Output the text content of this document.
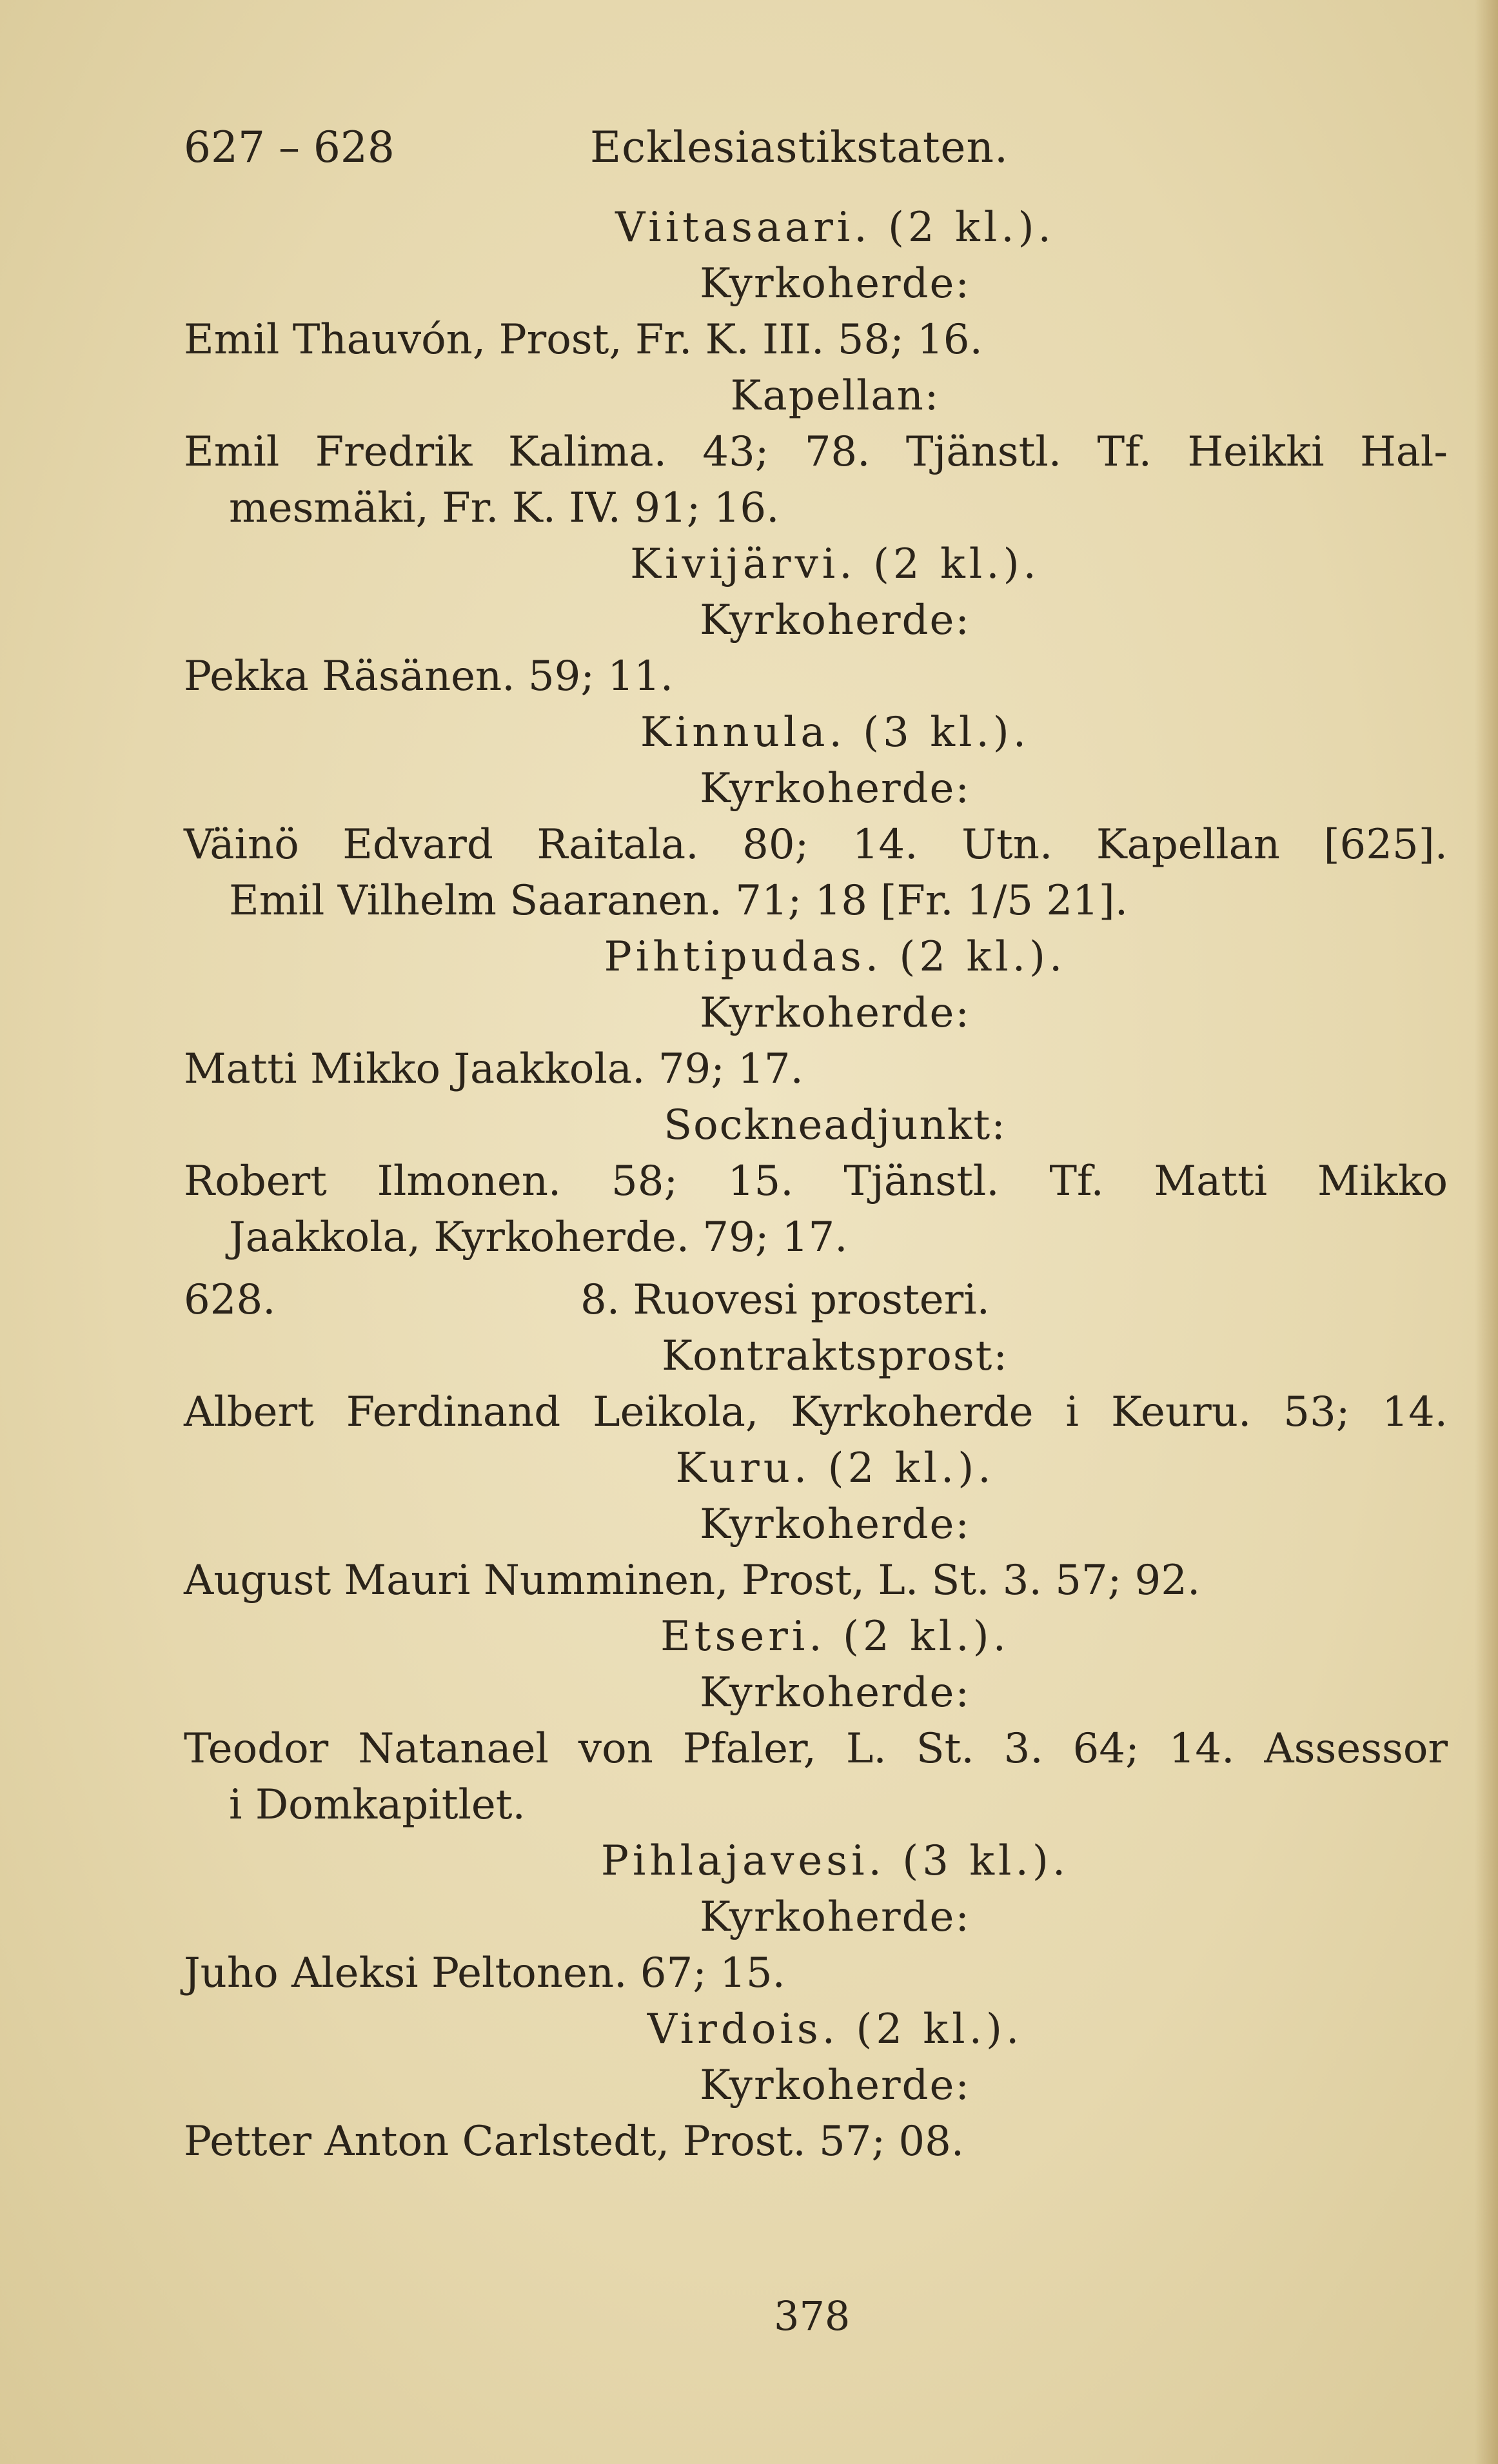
627 – 628	Ecklesiastikstaten.
Viitasaari. (2 kl.).
Kyrkoherde:
Emil Thauvón, Prost, Fr. K. III. 58; 16.
Kapellan:
Emil Fredrik Kalima. 43; 78. Tjänstl. Tf. Heikki Hal-
mesmäki, Fr. K. IV. 91; 16.
Kivijärvi. (2 kl.).
Kyrkoherde:
Pekka Räsänen. 59; 11.
Kinnula. (3 kl.).
Kyrkoherde:
Väinö Edvard Raitala. 80; 14. Utn. Kapellan [625].
Emil Vilhelm Saaranen. 71; 18 [Fr. 1/5 21].
Pihtipudas. (2 kl.).
Kyrkoherde:
Matti Mikko Jaakkola. 79; 17.
Sockneadjunkt:
Robert Ilmonen. 58; 15. Tjänstl. Tf. Matti Mikko
Jaakkola, Kyrkoherde. 79; 17.
628.	8. Ruovesi prosteri.
Kontraktsprost:
Albert Ferdinand Leikola, Kyrkoherde i Keuru. 53; 14.
Kuru. (2 kl.).
Kyrkoherde:
August Mauri Numminen, Prost, L. St. 3. 57; 92.
Etseri. (2 kl.).
Kyrkoherde:
Teodor Natanael von Pfaler, L. St. 3. 64; 14. Assessor
i Domkapitlet.
Pihlajavesi. (3 kl.).
Kyrkoherde:
Juho Aleksi Peltonen. 67; 15.
Virdois. (2 kl.).
Kyrkoherde:
Petter Anton Carlstedt, Prost. 57; 08.
378
